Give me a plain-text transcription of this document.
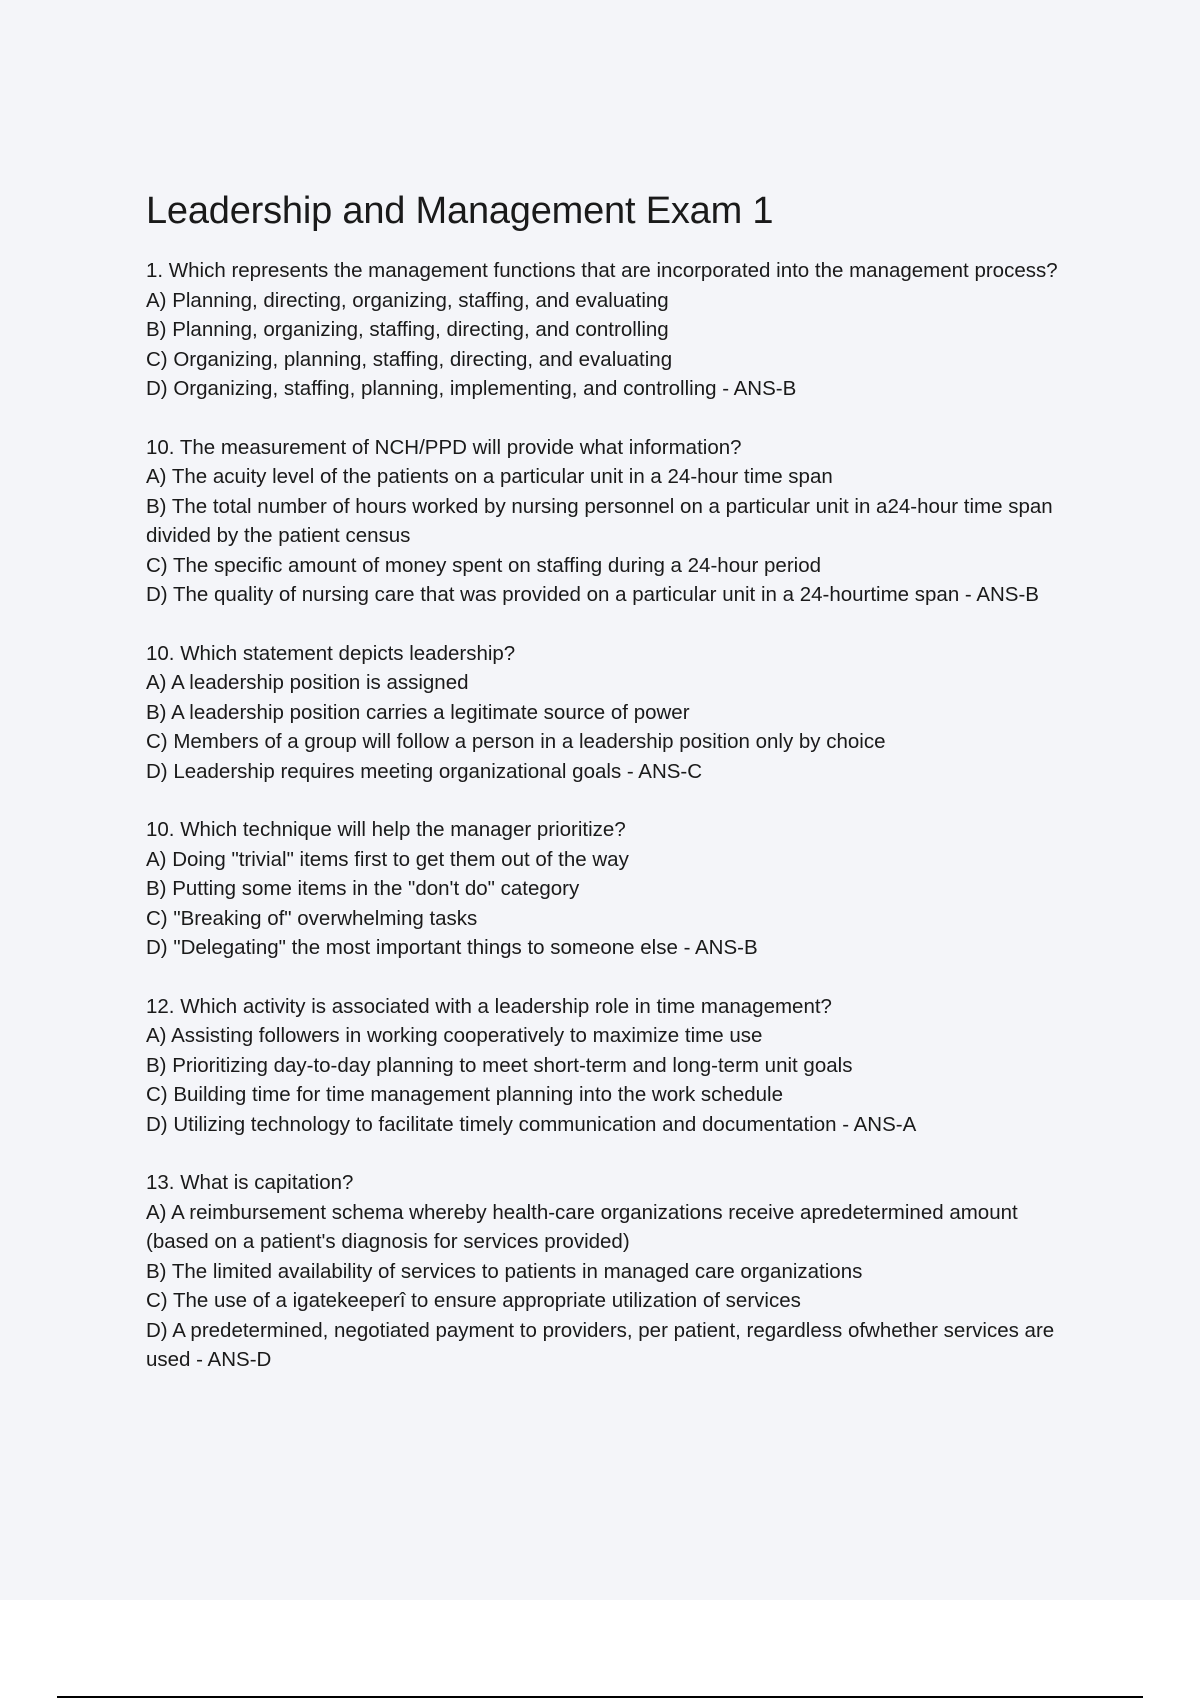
Leadership and Management Exam 1

1. Which represents the management functions that are incorporated into the management process?

A) Planning, directing, organizing, staffing, and evaluating

B) Planning, organizing, staffing, directing, and controlling

C) Organizing, planning, staffing, directing, and evaluating

D) Organizing, staffing, planning, implementing, and controlling - ANS-B

10. The measurement of NCH/PPD will provide what information?

A) The acuity level of the patients on a particular unit in a 24-hour time span

B) The total number of hours worked by nursing personnel on a particular unit in a24-hour time span divided by the patient census

C) The specific amount of money spent on staffing during a 24-hour period

D) The quality of nursing care that was provided on a particular unit in a 24-hourtime span - ANS-B

10. Which statement depicts leadership?

A) A leadership position is assigned

B) A leadership position carries a legitimate source of power

C) Members of a group will follow a person in a leadership position only by choice

D) Leadership requires meeting organizational goals - ANS-C

10. Which technique will help the manager prioritize?

A) Doing "trivial" items first to get them out of the way

B) Putting some items in the "don't do" category

C) "Breaking of" overwhelming tasks

D) "Delegating" the most important things to someone else - ANS-B

12. Which activity is associated with a leadership role in time management?

A) Assisting followers in working cooperatively to maximize time use

B) Prioritizing day-to-day planning to meet short-term and long-term unit goals

C) Building time for time management planning into the work schedule

D) Utilizing technology to facilitate timely communication and documentation - ANS-A

13. What is capitation?

A) A reimbursement schema whereby health-care organizations receive apredetermined amount (based on a patient's diagnosis for services provided)

B) The limited availability of services to patients in managed care organizations

C) The use of a igatekeeperî to ensure appropriate utilization of services

D) A predetermined, negotiated payment to providers, per patient, regardless ofwhether services are used - ANS-D
